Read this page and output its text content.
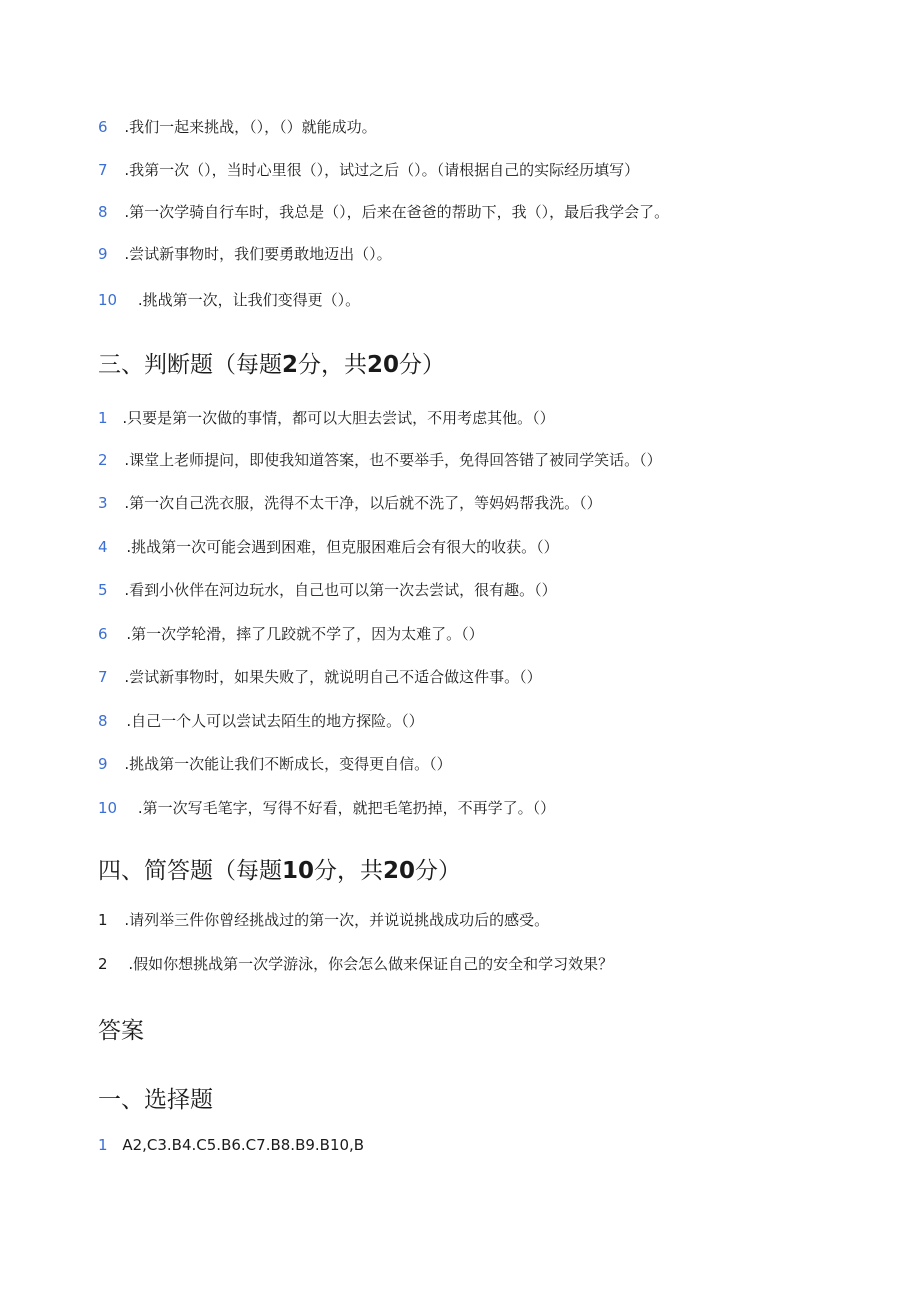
6 .我们一起来挑战，（），（）就能成功。
7 .我第一次（），当时心里很（），试过之后（）。（请根据自己的实际经历填写）
8 .第一次学骑自行车时，我总是（），后来在爸爸的帮助下，我（），最后我学会了。
9 .尝试新事物时，我们要勇敢地迈出（）。
10 .挑战第一次，让我们变得更（）。
三、判断题（每题2分，共20分）
1 .只要是第一次做的事情，都可以大胆去尝试，不用考虑其他。（）
2 .课堂上老师提问，即使我知道答案，也不要举手，免得回答错了被同学笑话。（）
3 .第一次自己洗衣服，洗得不太干净，以后就不洗了，等妈妈帮我洗。（）
4 .挑战第一次可能会遇到困难，但克服困难后会有很大的收获。（）
5 .看到小伙伴在河边玩水，自己也可以第一次去尝试，很有趣。（）
6 .第一次学轮滑，摔了几跤就不学了，因为太难了。（）
7 .尝试新事物时，如果失败了，就说明自己不适合做这件事。（）
8 .自己一个人可以尝试去陌生的地方探险。（）
9 .挑战第一次能让我们不断成长，变得更自信。（）
10 .第一次写毛笔字，写得不好看，就把毛笔扔掉，不再学了。（）
四、简答题（每题10分，共20分）
1 .请列举三件你曾经挑战过的第一次，并说说挑战成功后的感受。
2 .假如你想挑战第一次学游泳，你会怎么做来保证自己的安全和学习效果？
答案
一、选择题
1 A2,C3.B4.C5.B6.C7.B8.B9.B10,B
